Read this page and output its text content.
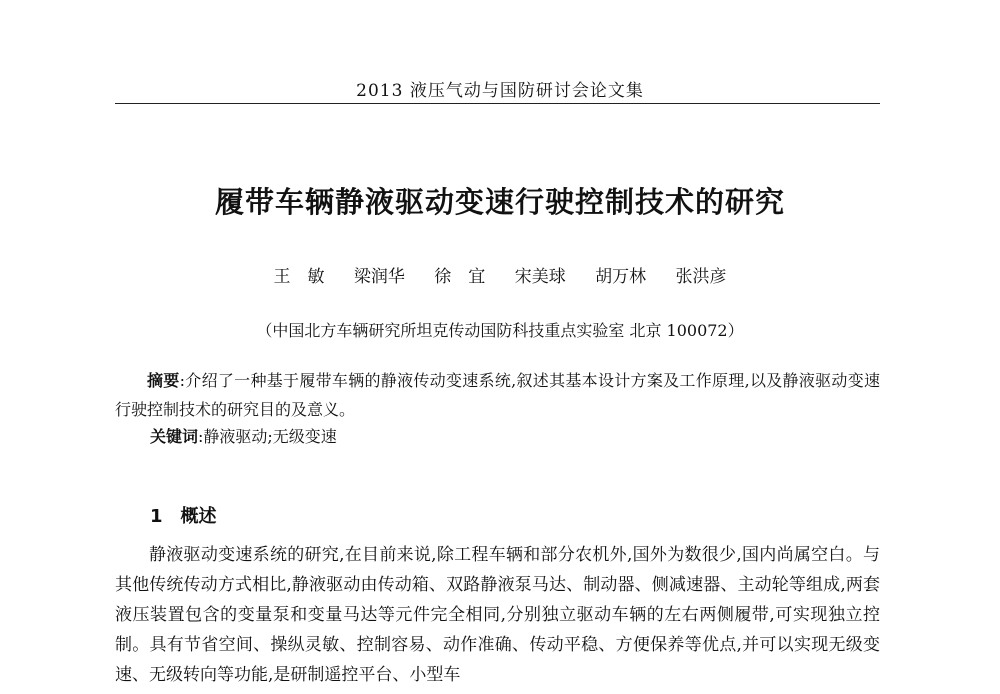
2013 液压气动与国防研讨会论文集
履带车辆静液驱动变速行驶控制技术的研究
王　敏 梁润华 徐　宜 宋美球 胡万林 张洪彦
（中国北方车辆研究所坦克传动国防科技重点实验室 北京 100072）

摘要:介绍了一种基于履带车辆的静液传动变速系统,叙述其基本设计方案及工作原理,以及静液驱动变速行驶控制技术的研究目的及意义。

关键词:静液驱动;无级变速

1 概述

静液驱动变速系统的研究,在目前来说,除工程车辆和部分农机外,国外为数很少,国内尚属空白。与其他传统传动方式相比,静液驱动由传动箱、双路静液泵马达、制动器、侧减速器、主动轮等组成,两套液压装置包含的变量泵和变量马达等元件完全相同,分别独立驱动车辆的左右两侧履带,可实现独立控制。具有节省空间、操纵灵敏、控制容易、动作准确、传动平稳、方便保养等优点,并可以实现无级变速、无级转向等功能,是研制遥控平台、小型车
